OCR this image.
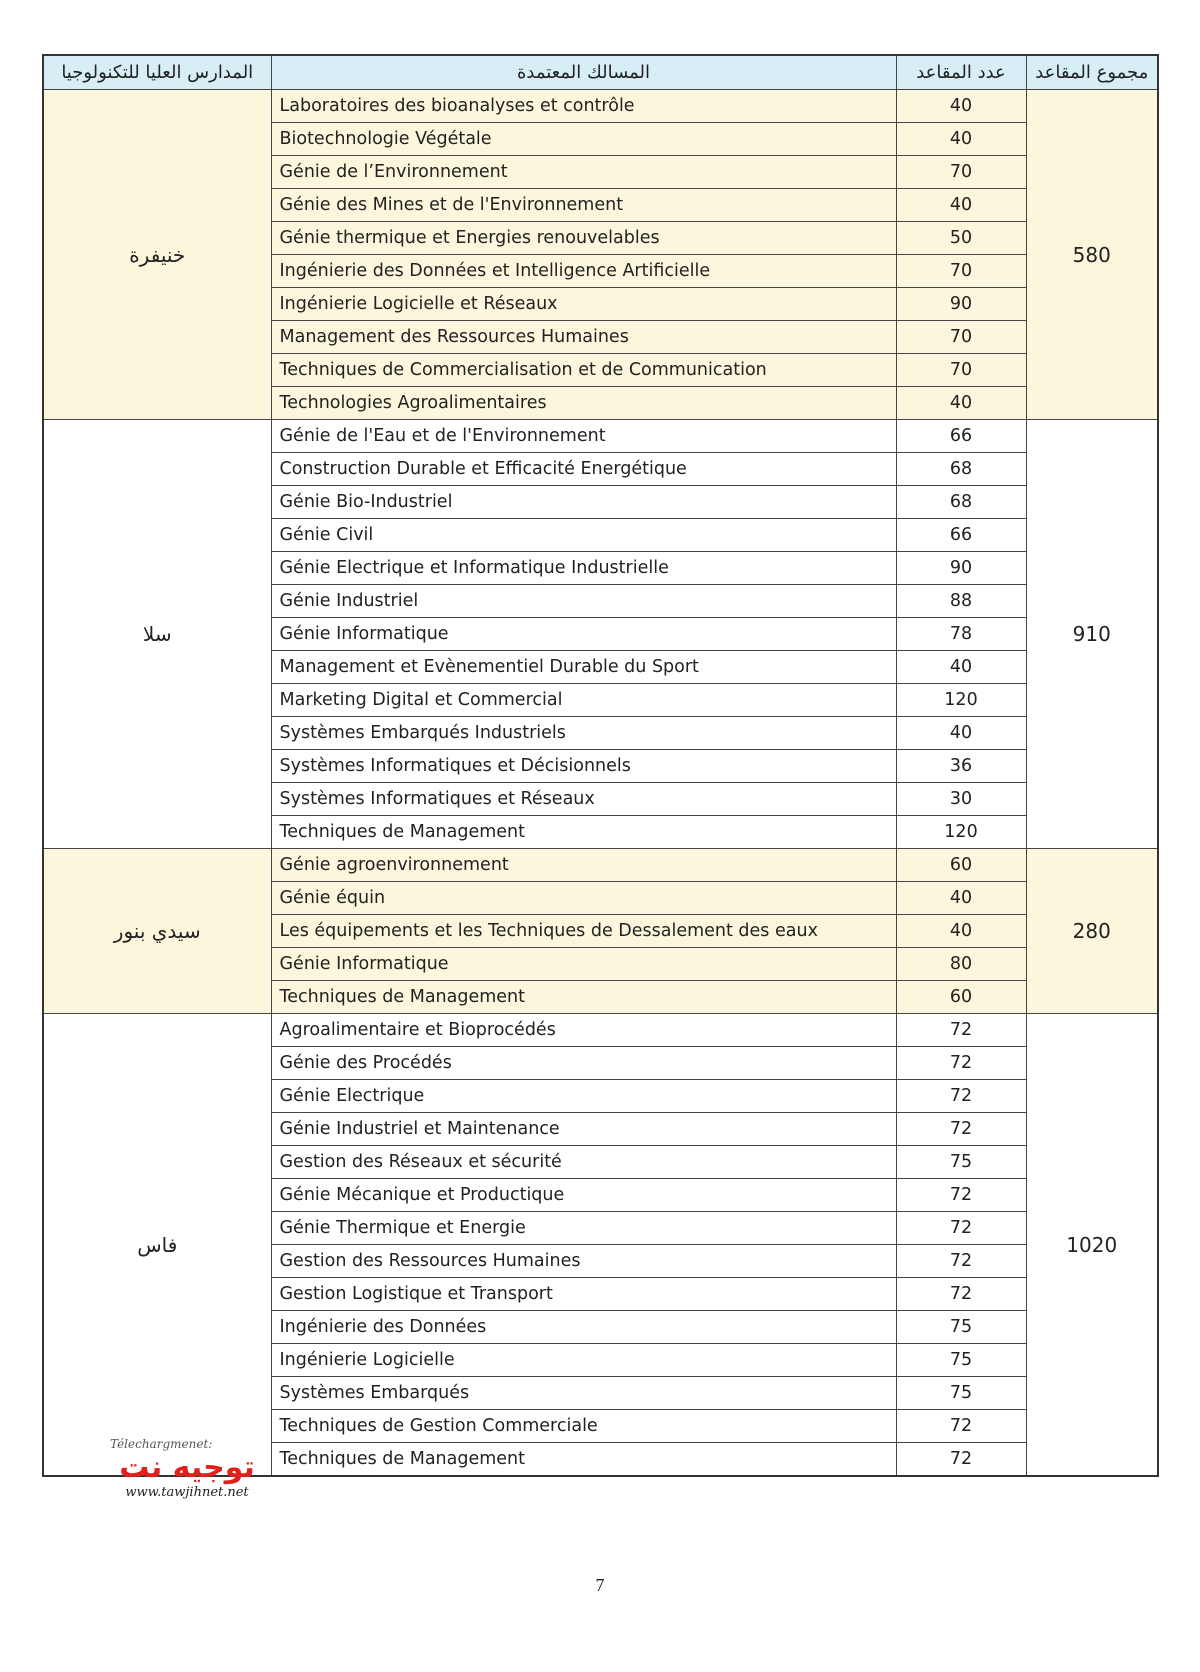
المدارس العليا للتكنولوجيا	المسالك المعتمدة	عدد المقاعد	مجموع المقاعد
خنيفرة	Laboratoires des bioanalyses et contrôle	40	580
	Biotechnologie Végétale	40	
	Génie de l’Environnement	70	
	Génie des Mines et de l'Environnement	40	
	Génie thermique et Energies renouvelables	50	
	Ingénierie des Données et Intelligence Artificielle	70	
	Ingénierie Logicielle et Réseaux	90	
	Management des Ressources Humaines	70	
	Techniques de Commercialisation et de Communication	70	
	Technologies Agroalimentaires	40	
سلا	Génie de l'Eau et de l'Environnement	66	910
	Construction Durable et Efficacité Energétique	68	
	Génie Bio-Industriel	68	
	Génie Civil	66	
	Génie Electrique et Informatique Industrielle	90	
	Génie Industriel	88	
	Génie Informatique	78	
	Management et Evènementiel Durable du Sport	40	
	Marketing Digital et Commercial	120	
	Systèmes Embarqués Industriels	40	
	Systèmes Informatiques et Décisionnels	36	
	Systèmes Informatiques et Réseaux	30	
	Techniques de Management	120	
سيدي بنور	Génie agroenvironnement	60	280
	Génie équin	40	
	Les équipements et les Techniques de Dessalement des eaux	40	
	Génie Informatique	80	
	Techniques de Management	60	
فاس	Agroalimentaire et Bioprocédés	72	1020
	Génie des Procédés	72	
	Génie Electrique	72	
	Génie Industriel et Maintenance	72	
	Gestion des Réseaux et sécurité	75	
	Génie Mécanique et Productique	72	
	Génie Thermique et Energie	72	
	Gestion des Ressources Humaines	72	
	Gestion Logistique et Transport	72	
	Ingénierie des Données	75	
	Ingénierie Logicielle	75	
	Systèmes Embarqués	75	
	Techniques de Gestion Commerciale	72	
	Techniques de Management	72	
Télechargmenet:
توجيه نت
www.tawjihnet.net
7
